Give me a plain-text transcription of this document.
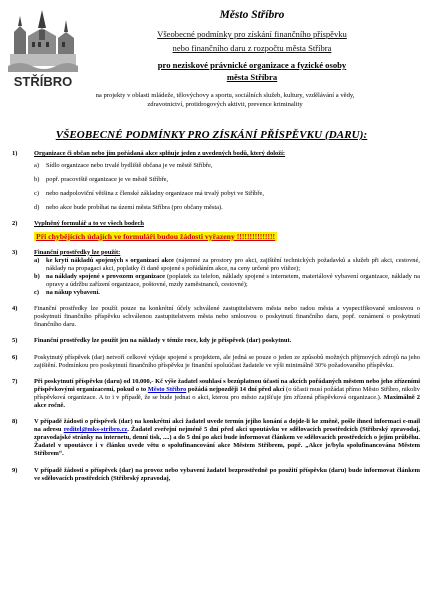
STŘÍBRO
Město Stříbro
Všeobecné podmínky pro získání finančního příspěvku
nebo finančního daru z rozpočtu města Stříbra
pro neziskové právnické organizace a fyzické osoby
města Stříbra
na projekty v oblasti mládeže, tělovýchovy a sportu, sociálních služeb, kultury, vzdělávání a vědy,
zdravotnictví, protidrogových aktivit, prevence kriminality
VŠEOBECNÉ PODMÍNKY PRO ZÍSKÁNÍ PŘÍSPĚVKU (DARU):
1)	Organizace či občan nebo jím pořádaná akce splňuje jeden z uvedených bodů, který doloží:
a) Sídlo organizace nebo trvalé bydliště občana je ve městě Stříbře,
b) popř. pracoviště organizace je ve městě Stříbře,
c) nebo nadpoloviční většina z členské základny organizace má trvalý pobyt ve Stříbře,
d) nebo akce bude probíhat na území města Stříbra (pro občany města).
2)	Vyplněný formulář a to ve všech bodech
Při chybějících údajích ve formuláři budou žádosti vyřazeny !!!!!!!!!!!!!!!
3)	Finanční prostředky lze použít:
a) ke krytí nákladů spojených s organizací akce (nájemné za prostory pro akci, zajištění technických požadavků a služeb při akci, cestovné, náklady na propagaci akci, poplatky či daně spojené s pořádáním akce, na ceny určené pro vítěze);
b) na náklady spojené s provozem organizace (poplatek za telefon, náklady spojené s internetem, materiálové vybavení organizace, náklady na opravy a údržbu zařízení organizace, poštovné, mzdy zaměstnanců, cestovné);
c) na nákup vybavení.
4)	Finanční prostředky lze použít pouze na konkrétní účely schválené zastupitelstvem města nebo radou města a vyspecifikované smlouvou o poskytnutí finančního příspěvku schválenou zastupitelstvem města nebo smlouvou o poskytnutí finančního daru, popř. oznámení o poskytnutí finančního daru.
5)	Finanční prostředky lze použít jen na náklady v témže roce, kdy je příspěvek (dar) poskytnut.
6)	Poskytnutý příspěvek (dar) netvoří celkové výdaje spojené s projektem, ale jedná se pouze o jeden ze způsobů možných příjmových zdrojů na jeho zajištění. Podmínkou pro poskytnutí finančního příspěvku je finanční spoluúčast žadatele ve výši minimálně 30% požadovaného příspěvku.
7)	Při poskytnutí příspěvku (daru) od 10.000,- Kč výše žadatel souhlasí s bezúplatnou účastí na akcích pořádaných městem nebo jeho zřízeními příspěvkovými organizacemi, pokud o to Město Stříbro požádá nejpozději 14 dní před akcí (o účasti musí požádat přímo Město Stříbro, nikoliv příspěvková organizace. A to i v případě, že se bude jednat o akci, kterou pro město zajišťuje jím zřízená příspěvková organizace.). Maximálně 2 akce ročně.
8)	V případě žádosti o příspěvek (dar) na konkrétní akci žadatel uvede termín jejího konání a dojde-li ke změně, pošle ihned informaci e-mail na adresu reditel@mks-stribro.cz. Žadatel zveřejní nejméně 5 dní před akcí upoutávku ve sdělovacích prostředcích (Stříbrský zpravodaj, zpravodajské stránky na internetu, denní tisk, ....) a do 5 dní po akci bude informovat článkem ve sdělovacích prostředcích o jejím průběhu. Žadatel v upoutávce i v článku uvede větu o spolufinancování akce Městem Stříbrem, popř. „Akce je/byla spolufinancována Městem Stříbrem“.
9)	V případě žádosti o příspěvek (dar) na provoz nebo vybavení žadatel bezprostředně po použití příspěvku (daru) bude informovat článkem ve sdělovacích prostředcích (Stříbrský zpravodaj,
